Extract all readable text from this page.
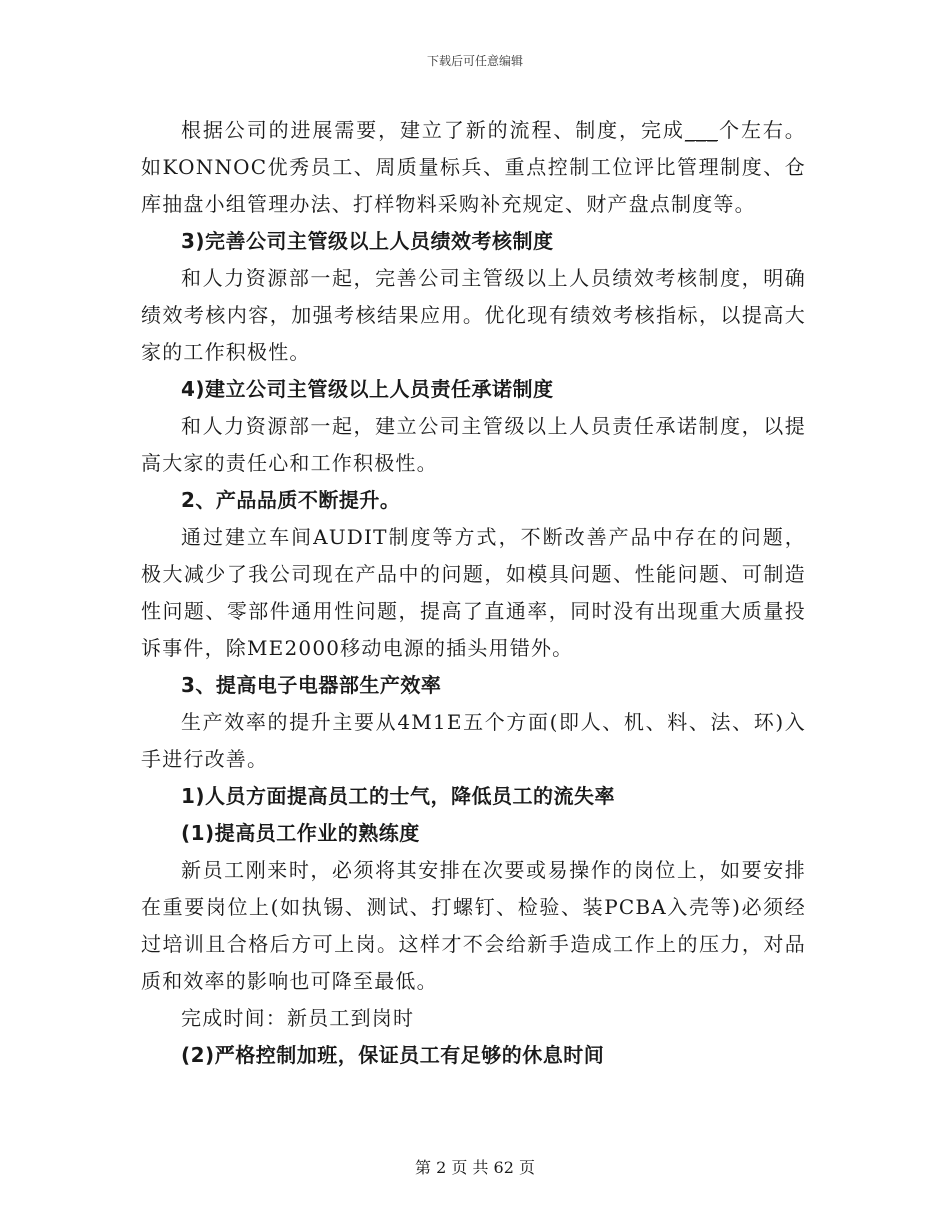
下载后可任意编辑

根据公司的进展需要，建立了新的流程、制度，完成___个左右。如KONNOC优秀员工、周质量标兵、重点控制工位评比管理制度、仓库抽盘小组管理办法、打样物料采购补充规定、财产盘点制度等。

3)完善公司主管级以上人员绩效考核制度

和人力资源部一起，完善公司主管级以上人员绩效考核制度，明确绩效考核内容，加强考核结果应用。优化现有绩效考核指标，以提高大家的工作积极性。

4)建立公司主管级以上人员责任承诺制度

和人力资源部一起，建立公司主管级以上人员责任承诺制度，以提高大家的责任心和工作积极性。

2、产品品质不断提升。

通过建立车间AUDIT制度等方式，不断改善产品中存在的问题，极大减少了我公司现在产品中的问题，如模具问题、性能问题、可制造性问题、零部件通用性问题，提高了直通率，同时没有出现重大质量投诉事件，除ME2000移动电源的插头用错外。

3、提高电子电器部生产效率

生产效率的提升主要从4M1E五个方面(即人、机、料、法、环)入手进行改善。

1)人员方面提高员工的士气，降低员工的流失率
(1)提高员工作业的熟练度

新员工刚来时，必须将其安排在次要或易操作的岗位上，如要安排在重要岗位上(如执锡、测试、打螺钉、检验、装PCBA入壳等)必须经过培训且合格后方可上岗。这样才不会给新手造成工作上的压力，对品质和效率的影响也可降至最低。

完成时间：新员工到岗时

(2)严格控制加班，保证员工有足够的休息时间
第 2 页 共 62 页
